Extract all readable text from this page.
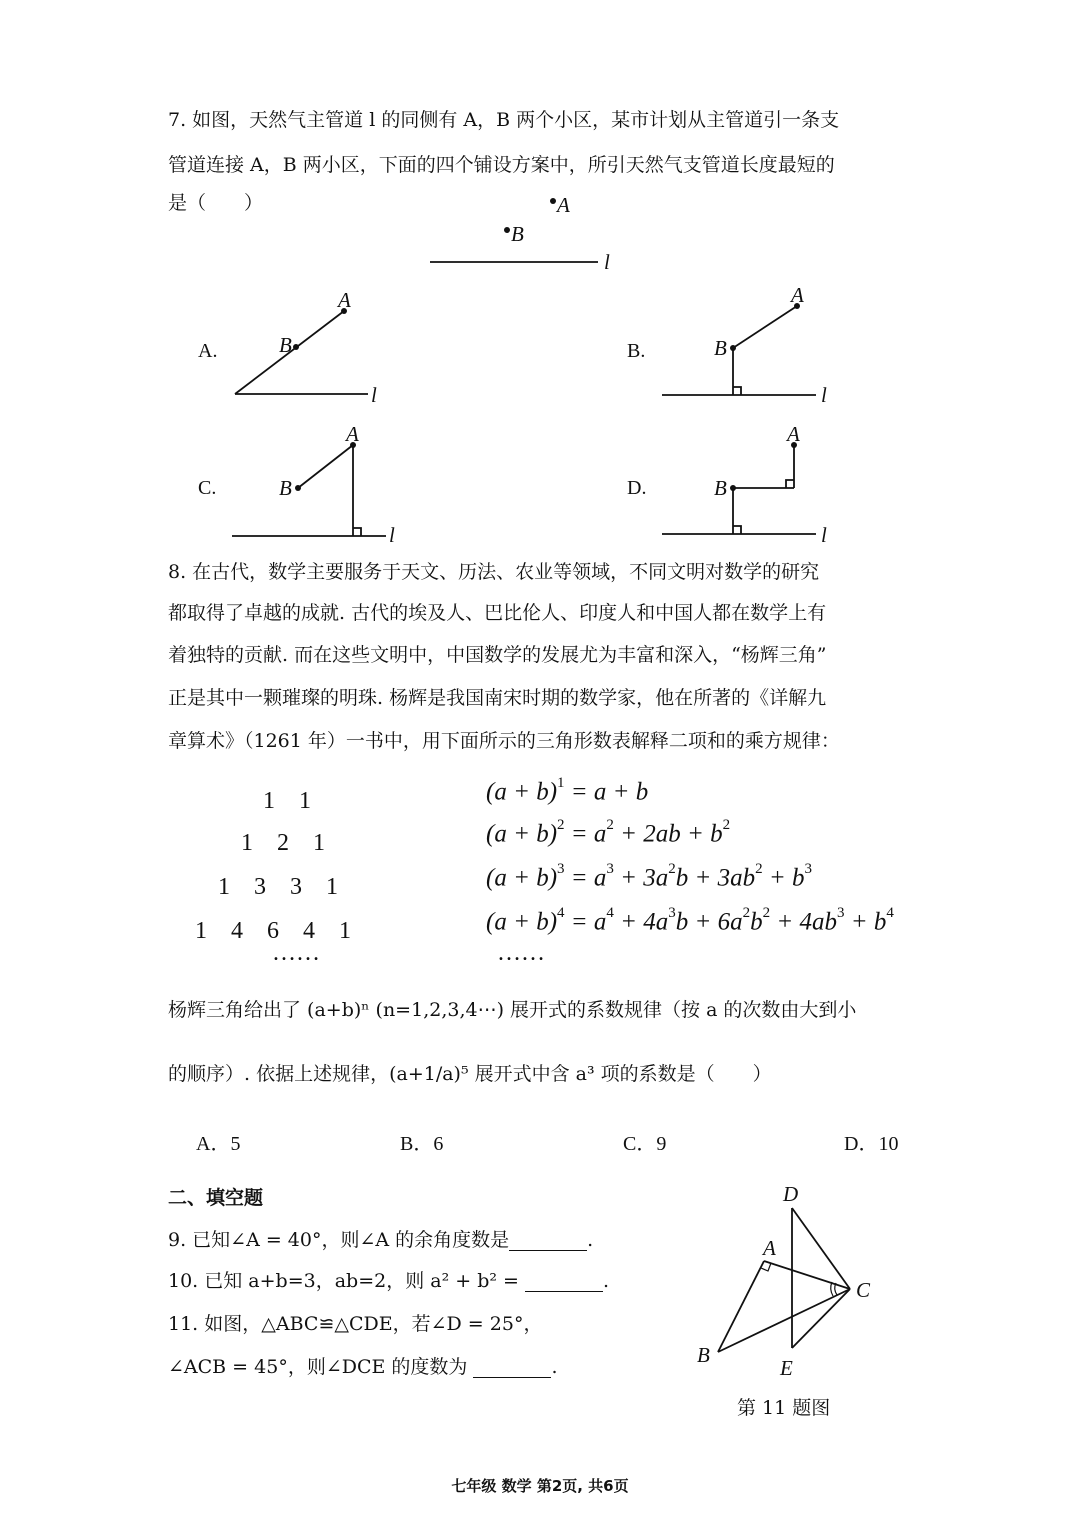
7. 如图，天然气主管道 l 的同侧有 A，B 两个小区，某市计划从主管道引一条支
管道连接 A，B 两小区，下面的四个铺设方案中，所引天然气支管道长度最短的
是（　　）	A
B
l
A.
A
B
l
B.
A
B
l
C.
A
B
l
D.
A
B
l
8. 在古代，数学主要服务于天文、历法、农业等领域，不同文明对数学的研究
都取得了卓越的成就. 古代的埃及人、巴比伦人、印度人和中国人都在数学上有
着独特的贡献. 而在这些文明中，中国数学的发展尤为丰富和深入，“杨辉三角”
正是其中一颗璀璨的明珠. 杨辉是我国南宋时期的数学家，他在所著的《详解九
章算术》（1261 年）一书中，用下面所示的三角形数表解释二项和的乘方规律：
1　1
1　2　1
1　3　3　1
1　4　6　4　1
……
$(a + b)^1 = a + b$
$(a + b)^2 = a^2 + 2ab + b^2$
$(a + b)^3 = a^3 + 3a^2b + 3ab^2 + b^3$
$(a + b)^4 = a^4 + 4a^3b + 6a^2b^2 + 4ab^3 + b^4$
……
杨辉三角给出了 (a+b)ⁿ (n=1,2,3,4⋯) 展开式的系数规律（按 a 的次数由大到小
的顺序）. 依据上述规律，(a+1/a)⁵ 展开式中含 a³ 项的系数是（　　）
A．5	B．6	C．9	D．10
二、填空题
9. 已知∠A = 40°，则∠A 的余角度数是	.
10. 已知 a+b=3，ab=2，则 a² + b² =	.
11. 如图，△ABC≌△CDE，若∠D = 25°，
∠ACB = 45°，则∠DCE 的度数为	.
D
A
C
B
E
第 11 题图
七年级 数学 第2页, 共6页
